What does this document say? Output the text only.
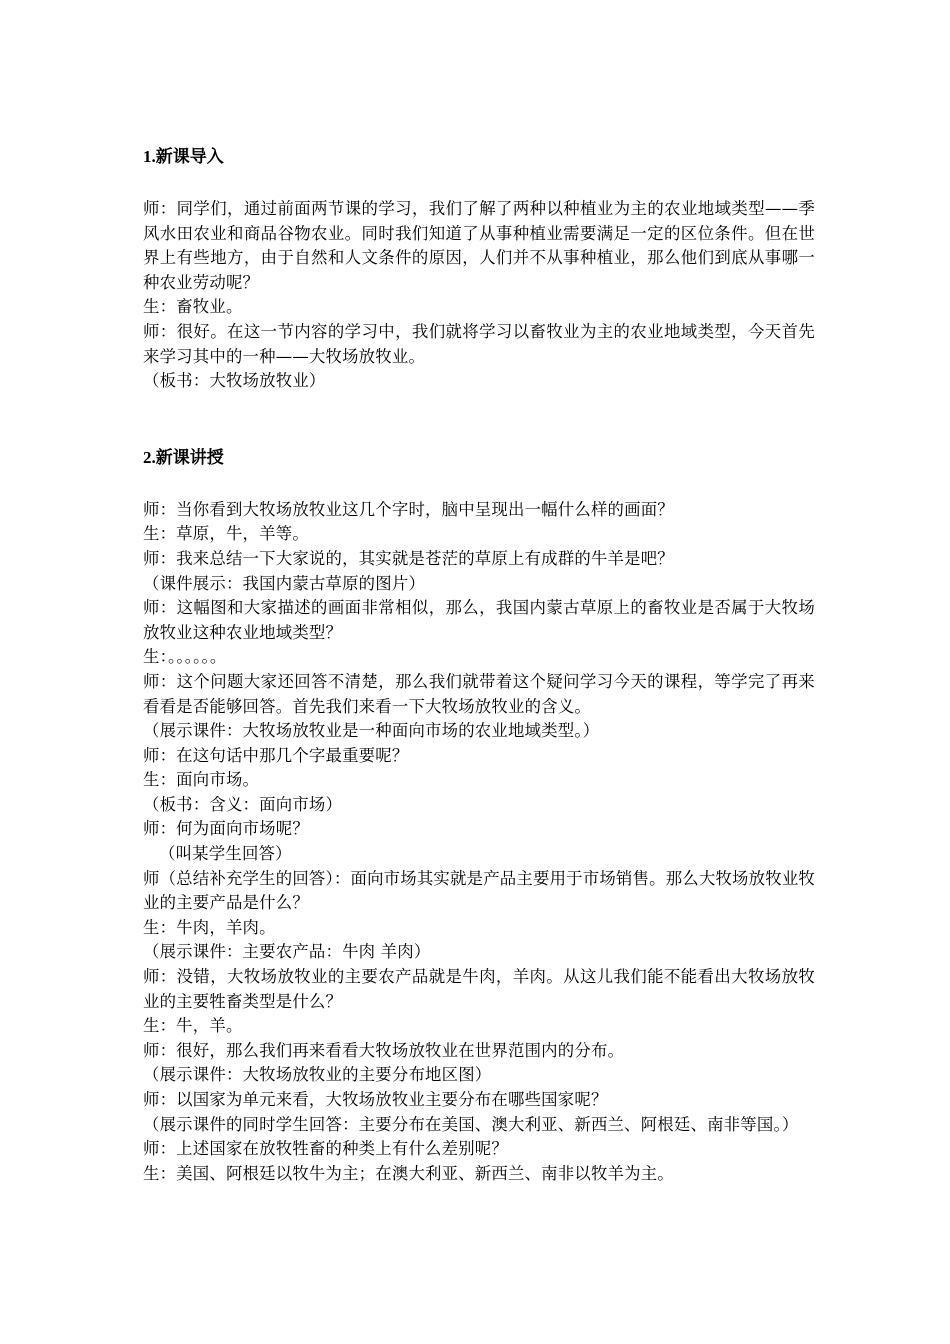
1.新课导入

师：同学们，通过前面两节课的学习，我们了解了两种以种植业为主的农业地域类型——季风水田农业和商品谷物农业。同时我们知道了从事种植业需要满足一定的区位条件。但在世界上有些地方，由于自然和人文条件的原因，人们并不从事种植业，那么他们到底从事哪一种农业劳动呢？

生：畜牧业。

师：很好。在这一节内容的学习中，我们就将学习以畜牧业为主的农业地域类型，今天首先来学习其中的一种——大牧场放牧业。

（板书：大牧场放牧业）

2.新课讲授

师：当你看到大牧场放牧业这几个字时，脑中呈现出一幅什么样的画面？

生：草原，牛，羊等。

师：我来总结一下大家说的，其实就是苍茫的草原上有成群的牛羊是吧？

（课件展示：我国内蒙古草原的图片）

师：这幅图和大家描述的画面非常相似，那么，我国内蒙古草原上的畜牧业是否属于大牧场放牧业这种农业地域类型？

生：。。。。。。

师：这个问题大家还回答不清楚，那么我们就带着这个疑问学习今天的课程，等学完了再来看看是否能够回答。首先我们来看一下大牧场放牧业的含义。

（展示课件：大牧场放牧业是一种面向市场的农业地域类型。）

师：在这句话中那几个字最重要呢？

生：面向市场。

（板书：含义：面向市场）

师：何为面向市场呢？

（叫某学生回答）

师（总结补充学生的回答）：面向市场其实就是产品主要用于市场销售。那么大牧场放牧业牧业的主要产品是什么？

生：牛肉，羊肉。

（展示课件：主要农产品：牛肉 羊肉）

师：没错，大牧场放牧业的主要农产品就是牛肉，羊肉。从这儿我们能不能看出大牧场放牧业的主要牲畜类型是什么？

生：牛，羊。

师：很好，那么我们再来看看大牧场放牧业在世界范围内的分布。

（展示课件：大牧场放牧业的主要分布地区图）

师：以国家为单元来看，大牧场放牧业主要分布在哪些国家呢？

（展示课件的同时学生回答：主要分布在美国、澳大利亚、新西兰、阿根廷、南非等国。）

师：上述国家在放牧牲畜的种类上有什么差别呢？

生：美国、阿根廷以牧牛为主；在澳大利亚、新西兰、南非以牧羊为主。
